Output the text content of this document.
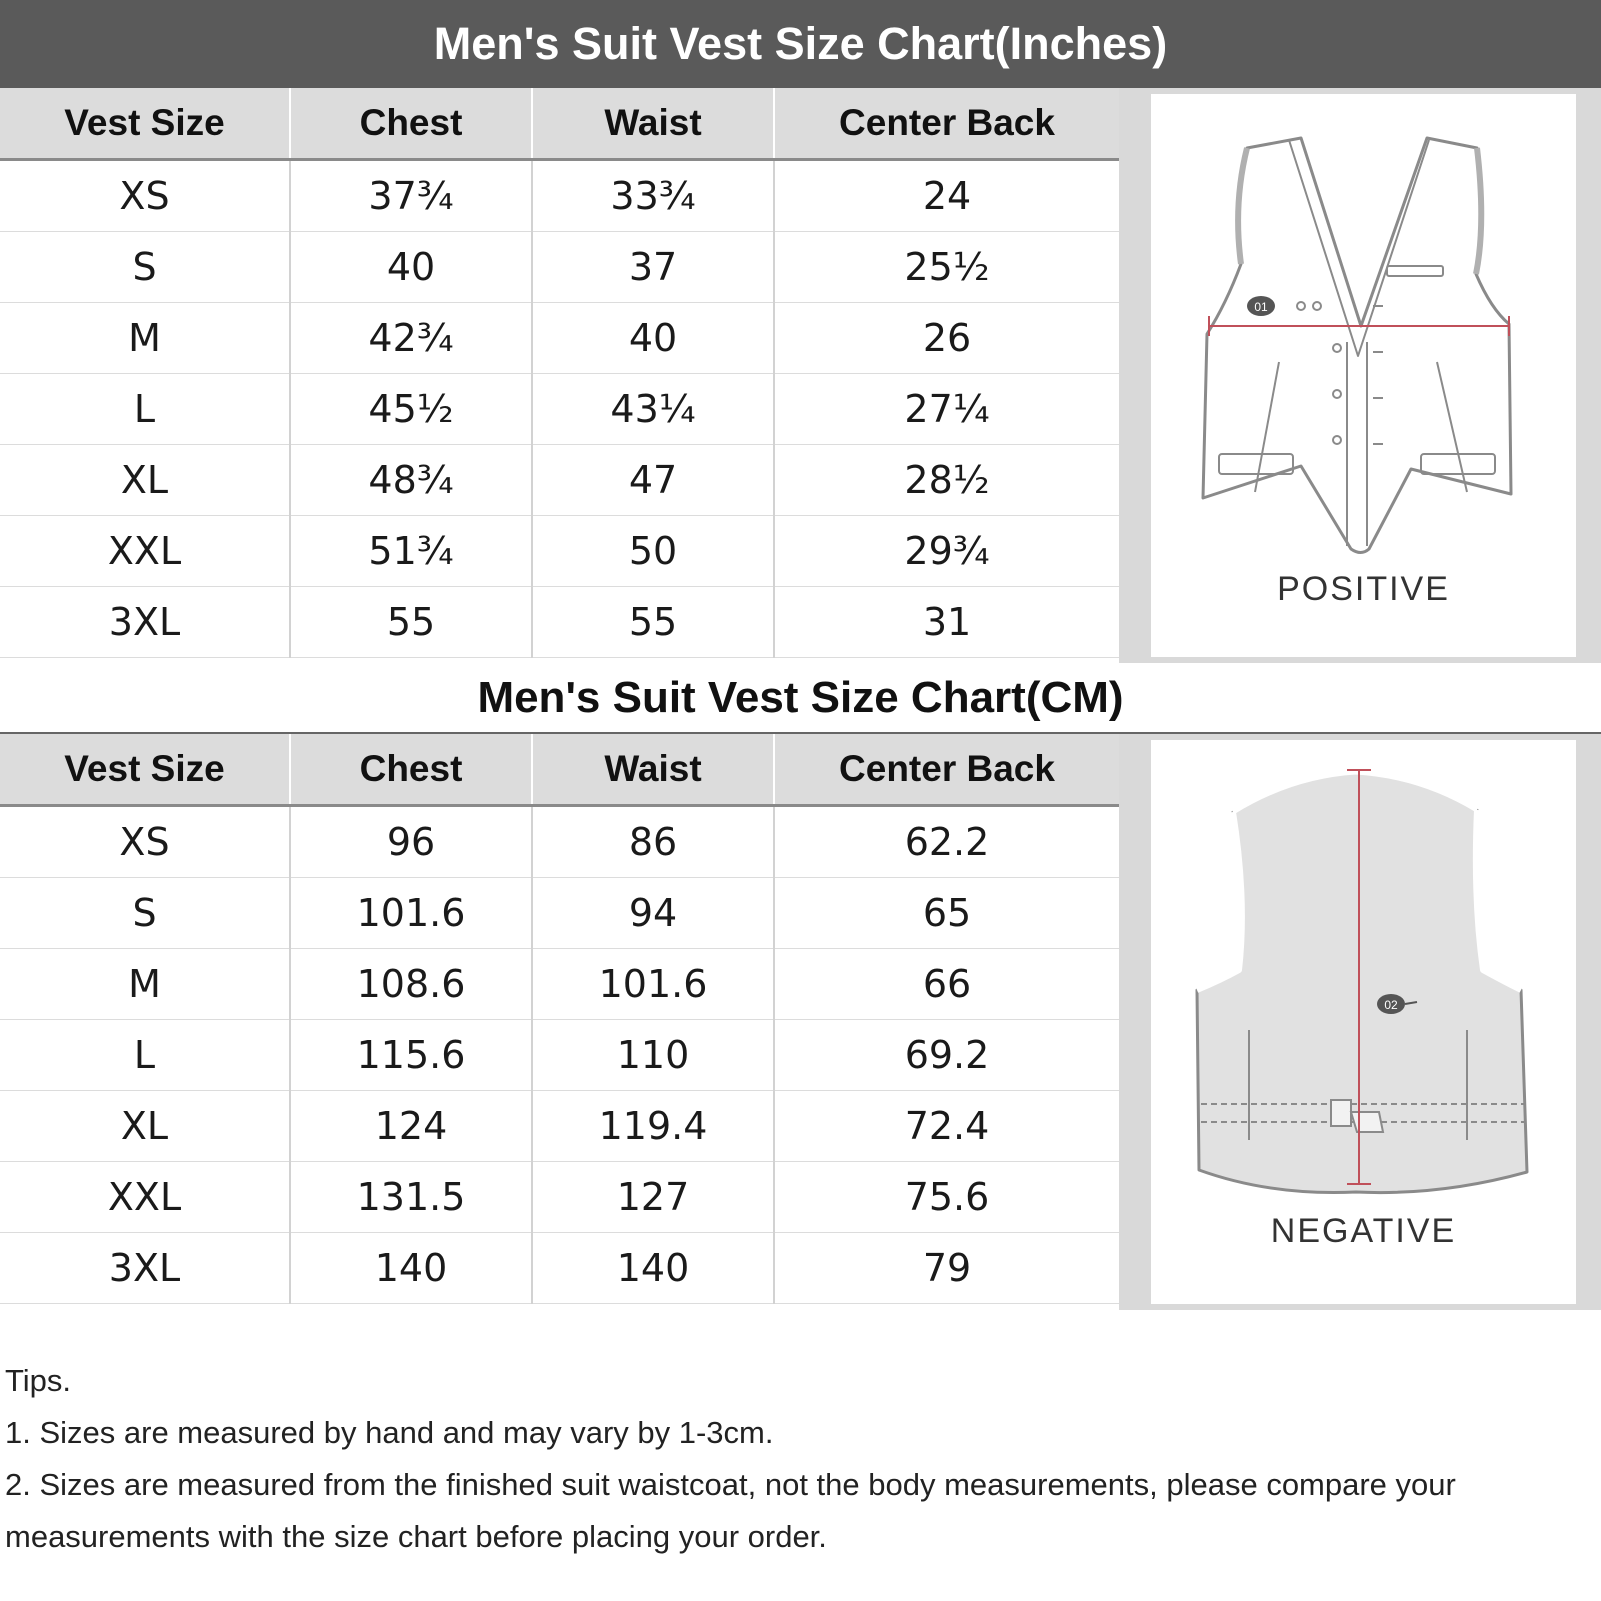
Men's Suit Vest Size Chart(Inches)
Vest Size	Chest	Waist	Center Back
XS	37¾	33¾	24
S	40	37	25½
M	42¾	40	26
L	45½	43¼	27¼
XL	48¾	47	28½
XXL	51¾	50	29¾
3XL	55	55	31
01
POSITIVE
Men's Suit Vest Size Chart(CM)
Vest Size	Chest	Waist	Center Back
XS	96	86	62.2
S	101.6	94	65
M	108.6	101.6	66
L	115.6	110	69.2
XL	124	119.4	72.4
XXL	131.5	127	75.6
3XL	140	140	79
02
NEGATIVE
Tips.
1. Sizes are measured by hand and may vary by 1-3cm.
2. Sizes are measured from the finished suit waistcoat, not the body measurements, please compare your measurements with the size chart before placing your order.
